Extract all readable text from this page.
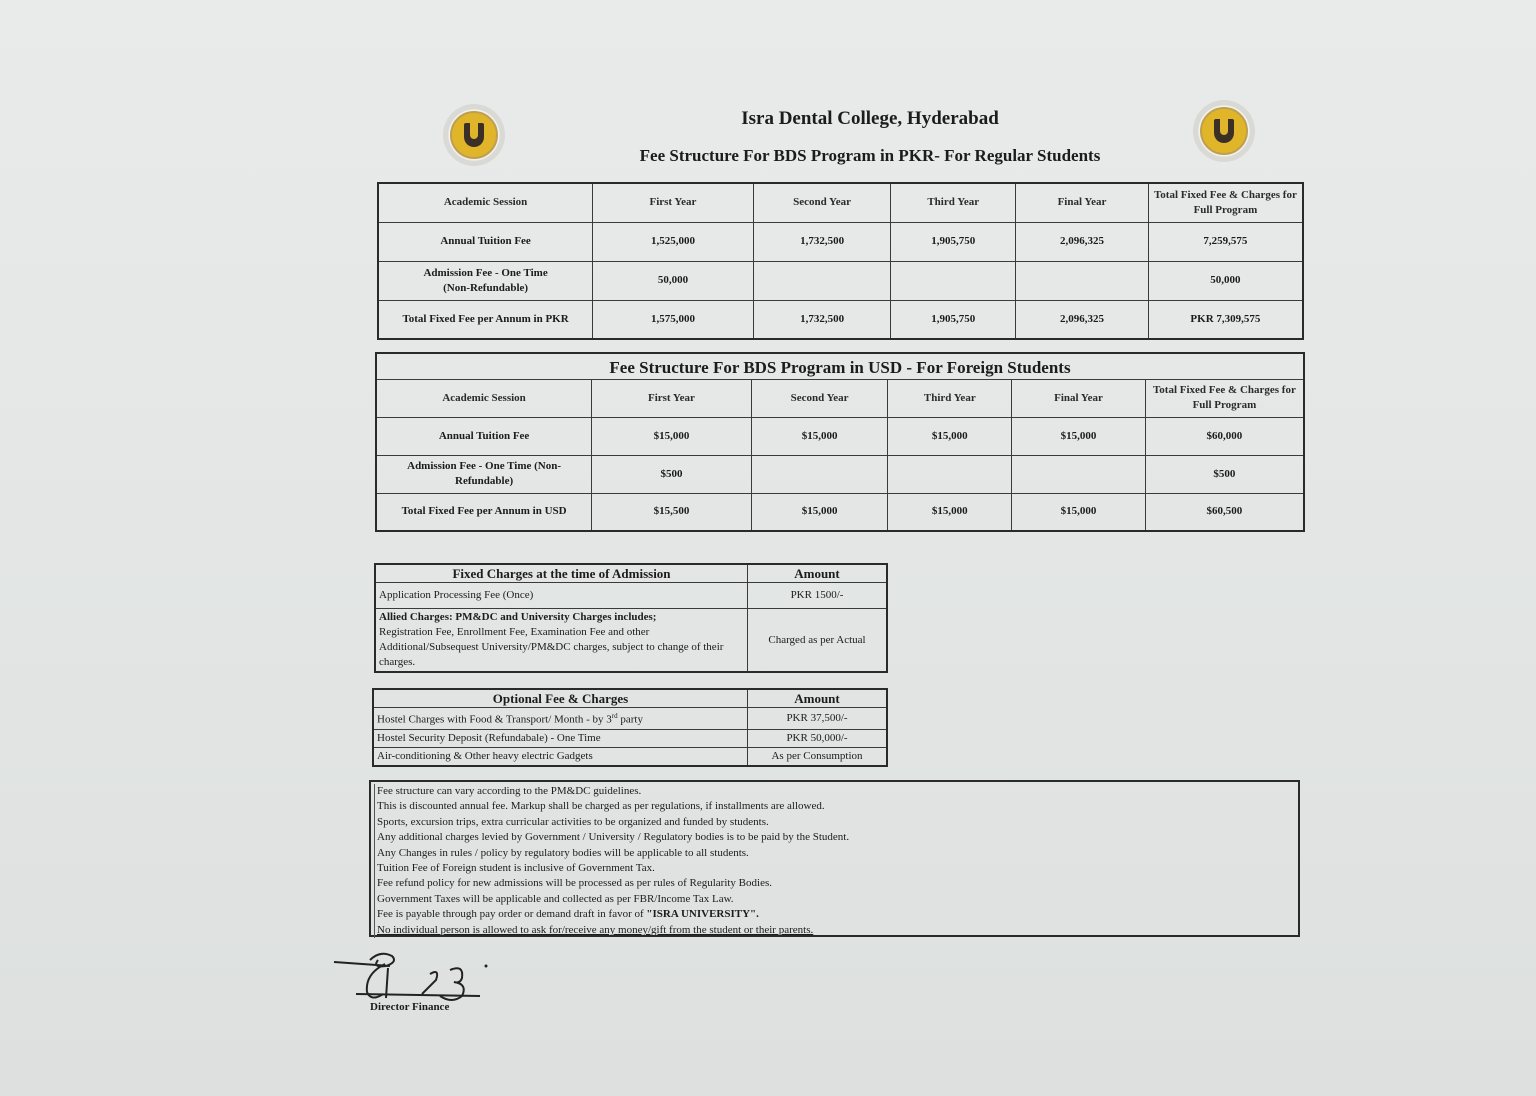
Isra Dental College, Hyderabad
Fee Structure For BDS Program in PKR- For Regular Students
Academic Session	First Year	Second Year	Third Year	Final Year	Total Fixed Fee & Charges for Full Program
Annual Tuition Fee	1,525,000	1,732,500	1,905,750	2,096,325	7,259,575
Admission Fee - One Time (Non-Refundable)	50,000				50,000
Total Fixed Fee per Annum in PKR	1,575,000	1,732,500	1,905,750	2,096,325	PKR 7,309,575
Fee Structure For BDS Program in USD - For Foreign Students					
Academic Session	First Year	Second Year	Third Year	Final Year	Total Fixed Fee & Charges for Full Program
Annual Tuition Fee	$15,000	$15,000	$15,000	$15,000	$60,000
Admission Fee - One Time (Non-Refundable)	$500				$500
Total Fixed Fee per Annum in USD	$15,500	$15,000	$15,000	$15,000	$60,500
Fixed Charges at the time of Admission	Amount
Application Processing Fee (Once)	PKR 1500/-

Allied Charges: PM&DC and University Charges includes;
Registration Fee, Enrollment Fee, Examination Fee and other Additional/Subsequest University/PM&DC charges, subject to change of their charges.	Charged as per Actual
Optional Fee & Charges	Amount
Hostel Charges with Food & Transport/ Month - by 3rd party	PKR 37,500/-
Hostel Security Deposit (Refundabale) - One Time	PKR 50,000/-
Air-conditioning & Other heavy electric Gadgets	As per Consumption
Fee structure can vary according to the PM&DC guidelines.
This is discounted annual fee. Markup shall be charged as per regulations, if installments are allowed.
Sports, excursion trips, extra curricular activities to be organized and funded by students.
Any additional charges levied by Government / University / Regulatory bodies is to be paid by the Student.
Any Changes in rules / policy by regulatory bodies will be applicable to all students.
Tuition Fee of Foreign student is inclusive of Government Tax.
Fee refund policy for new admissions will be processed as per rules of Regularity Bodies.
Government Taxes will be applicable and collected as per FBR/Income Tax Law.
Fee is payable through pay order or demand draft in favor of "ISRA UNIVERSITY".
No individual person is allowed to ask for/receive any money/gift from the student or their parents.
Director Finance
